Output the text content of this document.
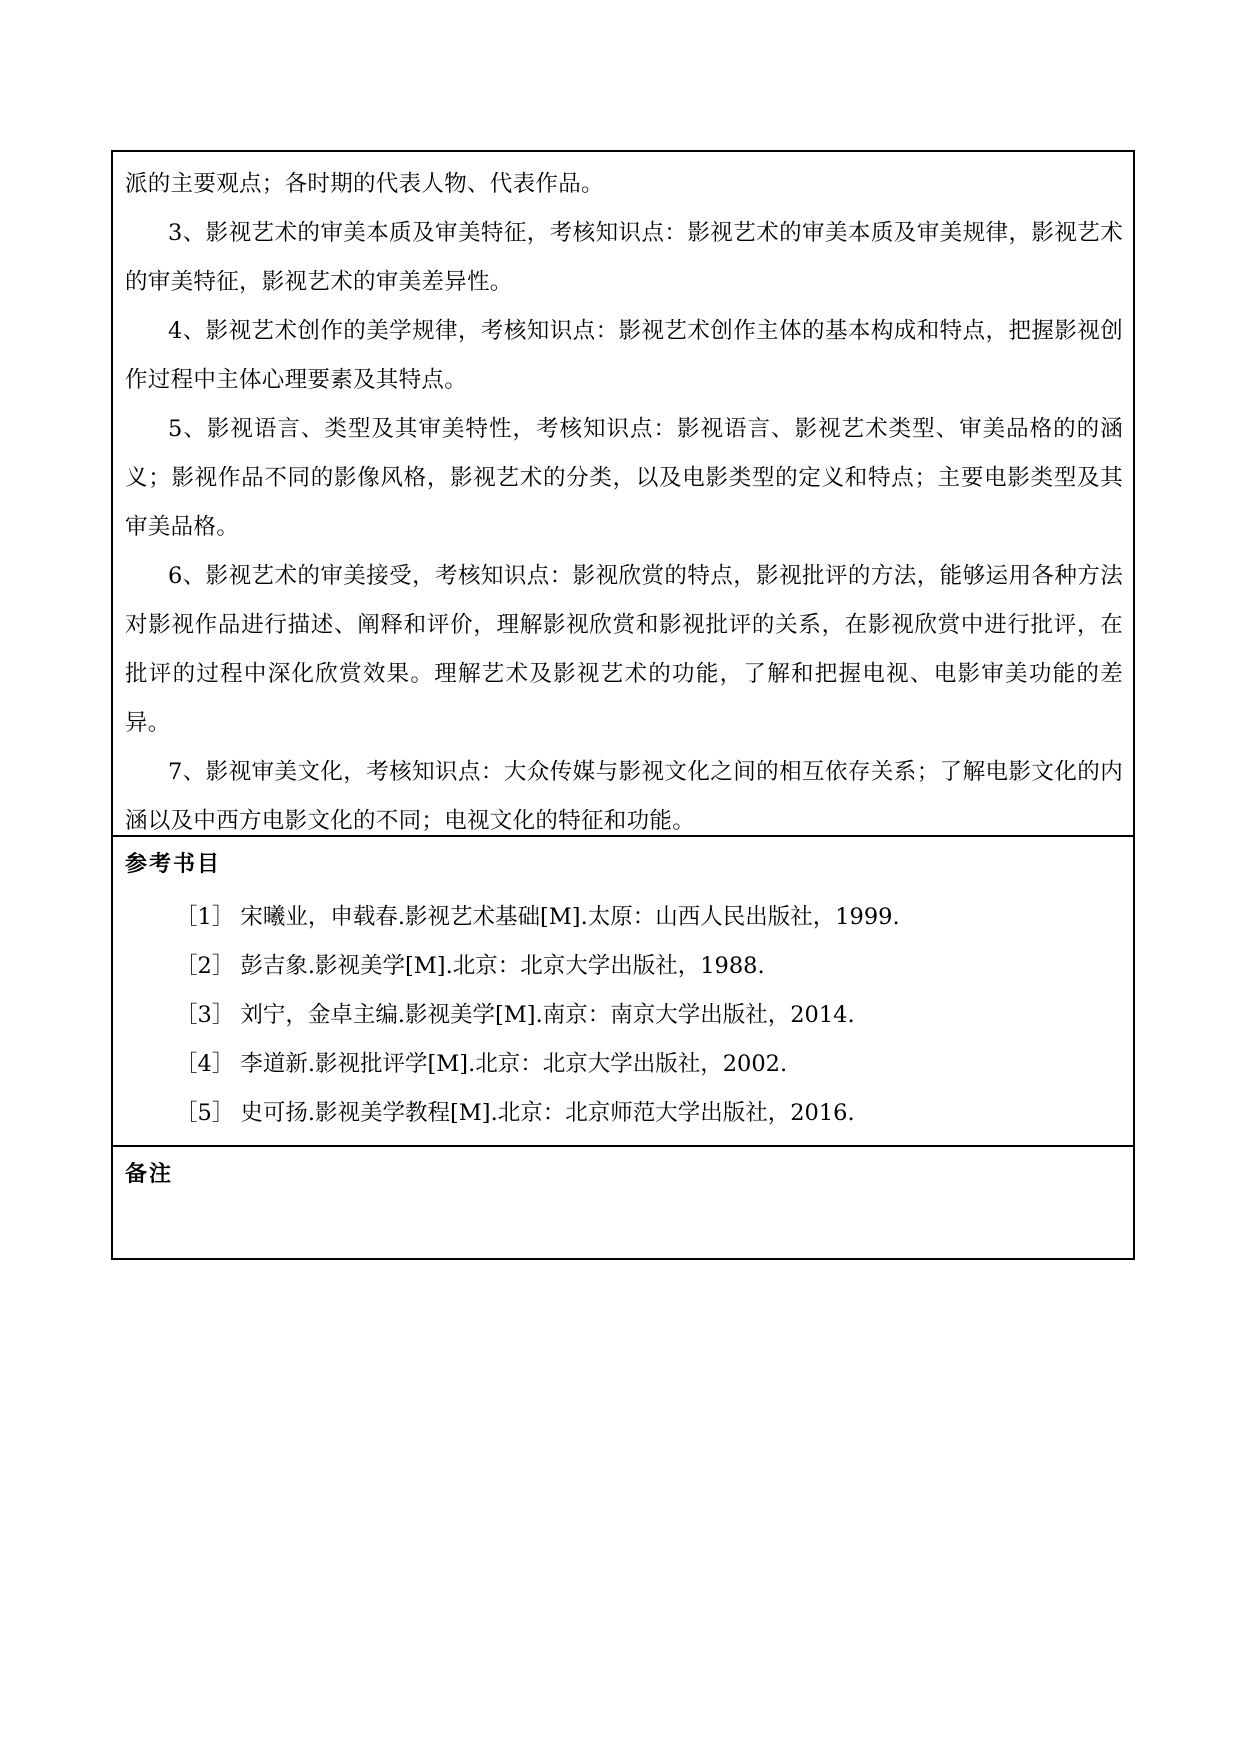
派的主要观点；各时期的代表人物、代表作品。

3、影视艺术的审美本质及审美特征，考核知识点：影视艺术的审美本质及审美规律，影视艺术的审美特征，影视艺术的审美差异性。

4、影视艺术创作的美学规律，考核知识点：影视艺术创作主体的基本构成和特点，把握影视创作过程中主体心理要素及其特点。

5、影视语言、类型及其审美特性，考核知识点：影视语言、影视艺术类型、审美品格的的涵义；影视作品不同的影像风格，影视艺术的分类，以及电影类型的定义和特点；主要电影类型及其审美品格。

6、影视艺术的审美接受，考核知识点：影视欣赏的特点，影视批评的方法，能够运用各种方法对影视作品进行描述、阐释和评价，理解影视欣赏和影视批评的关系，在影视欣赏中进行批评，在批评的过程中深化欣赏效果。理解艺术及影视艺术的功能，了解和把握电视、电影审美功能的差异。

7、影视审美文化，考核知识点：大众传媒与影视文化之间的相互依存关系；了解电影文化的内涵以及中西方电影文化的不同；电视文化的特征和功能。

参考书目
［1］ 宋曦业，申载春.影视艺术基础[M].太原：山西人民出版社，1999.
［2］ 彭吉象.影视美学[M].北京：北京大学出版社，1988.
［3］ 刘宁，金卓主编.影视美学[M].南京：南京大学出版社，2014.
［4］ 李道新.影视批评学[M].北京：北京大学出版社，2002.
［5］ 史可扬.影视美学教程[M].北京：北京师范大学出版社，2016.
备注
